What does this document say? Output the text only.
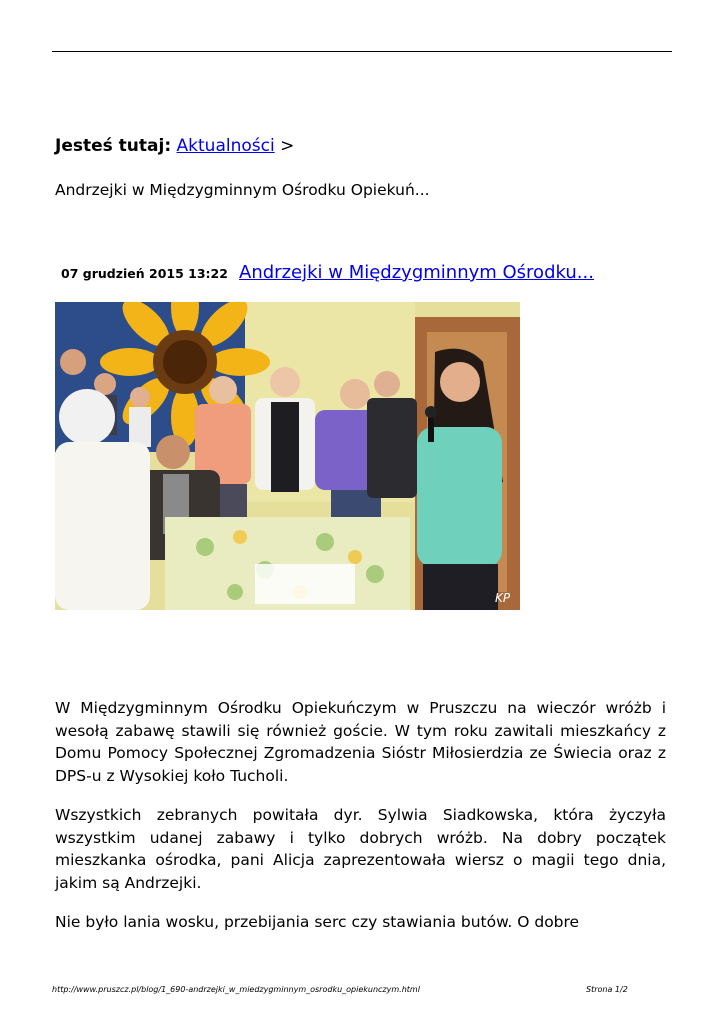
Jesteś tutaj: Aktualności >
Andrzejki w Międzygminnym Ośrodku Opiekuń...
07 grudzień 2015 13:22 Andrzejki w Międzygminnym Ośrodku...
KP

W Międzygminnym Ośrodku Opiekuńczym w Pruszczu na wieczór wróżb i wesołą zabawę stawili się również goście. W tym roku zawitali mieszkańcy z Domu Pomocy Społecznej Zgromadzenia Sióstr Miłosierdzia ze Świecia oraz z DPS-u z Wysokiej koło Tucholi.

Wszystkich zebranych powitała dyr. Sylwia Siadkowska, która życzyła wszystkim udanej zabawy i tylko dobrych wróżb. Na dobry początek mieszkanka ośrodka, pani Alicja zaprezentowała wiersz o magii tego dnia, jakim są Andrzejki.

Nie było lania wosku, przebijania serc czy stawiania butów. O dobre

http://www.pruszcz.pl/blog/1_690-andrzejki_w_miedzygminnym_osrodku_opiekunczym.html	Strona 1/2
